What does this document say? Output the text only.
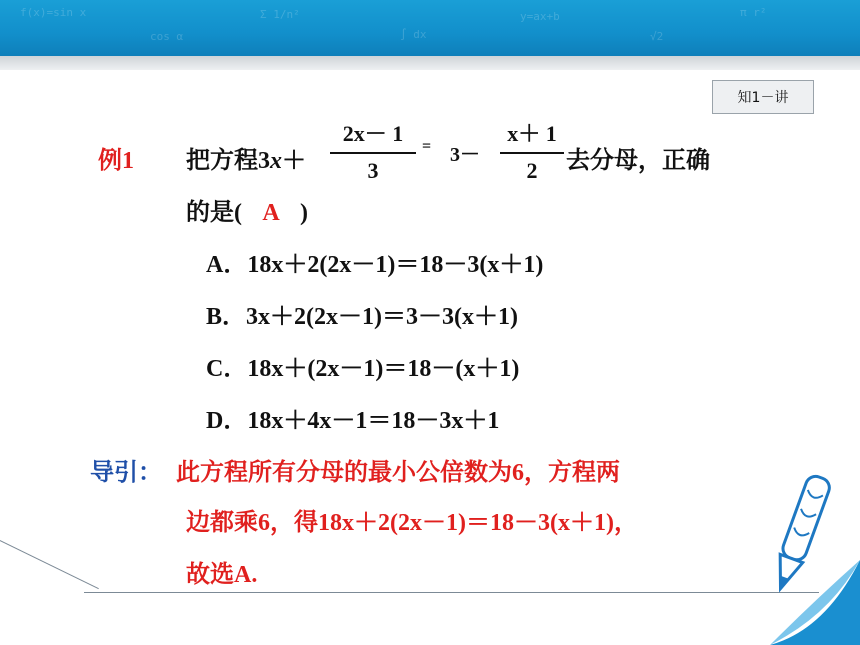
f(x)=sin x
cos α
Σ 1/n²
∫ dx
y=ax+b
√2
π r²
知1－讲
例1 把方程3x＋
2x－ 1
3
= 3－
x＋ 1
2	去分母，正确
的是( A )
A．18x＋2(2x－1)＝18－3(x＋1)
B．3x＋2(2x－1)＝3－3(x＋1)
C．18x＋(2x－1)＝18－(x＋1)
D．18x＋4x－1＝18－3x＋1
导引： 此方程所有分母的最小公倍数为6，方程两
边都乘6，得18x＋2(2x－1)＝18－3(x＋1)，
故选A.
